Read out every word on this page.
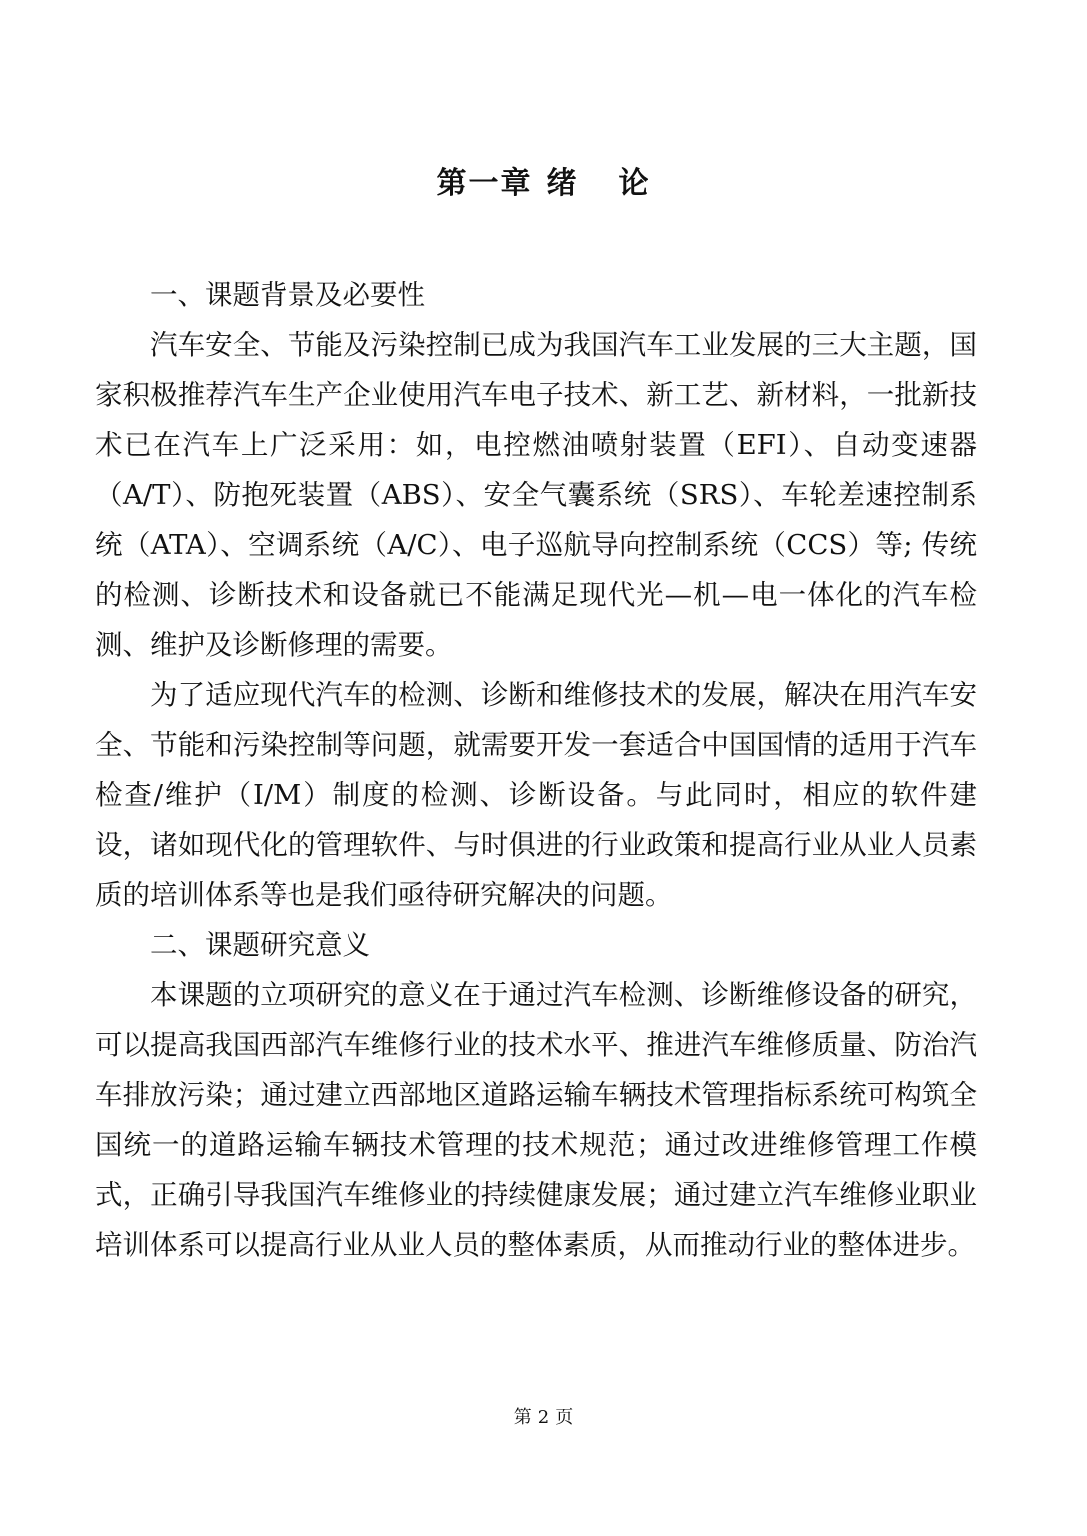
第一章 绪 论

一、课题背景及必要性

汽车安全、节能及污染控制已成为我国汽车工业发展的三大主题，国家积极推荐汽车生产企业使用汽车电子技术、新工艺、新材料，一批新技术已在汽车上广泛采用：如，电控燃油喷射装置（EFI）、自动变速器（A/T）、防抱死装置（ABS）、安全气囊系统（SRS）、车轮差速控制系统（ATA）、空调系统（A/C）、电子巡航导向控制系统（CCS）等; 传统的检测、诊断技术和设备就已不能满足现代光—机—电一体化的汽车检测、维护及诊断修理的需要。

为了适应现代汽车的检测、诊断和维修技术的发展，解决在用汽车安全、节能和污染控制等问题，就需要开发一套适合中国国情的适用于汽车检查/维护（I/M）制度的检测、诊断设备。与此同时，相应的软件建设，诸如现代化的管理软件、与时俱进的行业政策和提高行业从业人员素质的培训体系等也是我们亟待研究解决的问题。

二、课题研究意义

本课题的立项研究的意义在于通过汽车检测、诊断维修设备的研究，可以提高我国西部汽车维修行业的技术水平、推进汽车维修质量、防治汽车排放污染；通过建立西部地区道路运输车辆技术管理指标系统可构筑全国统一的道路运输车辆技术管理的技术规范；通过改进维修管理工作模式，正确引导我国汽车维修业的持续健康发展；通过建立汽车维修业职业培训体系可以提高行业从业人员的整体素质，从而推动行业的整体进步。

第 2 页
